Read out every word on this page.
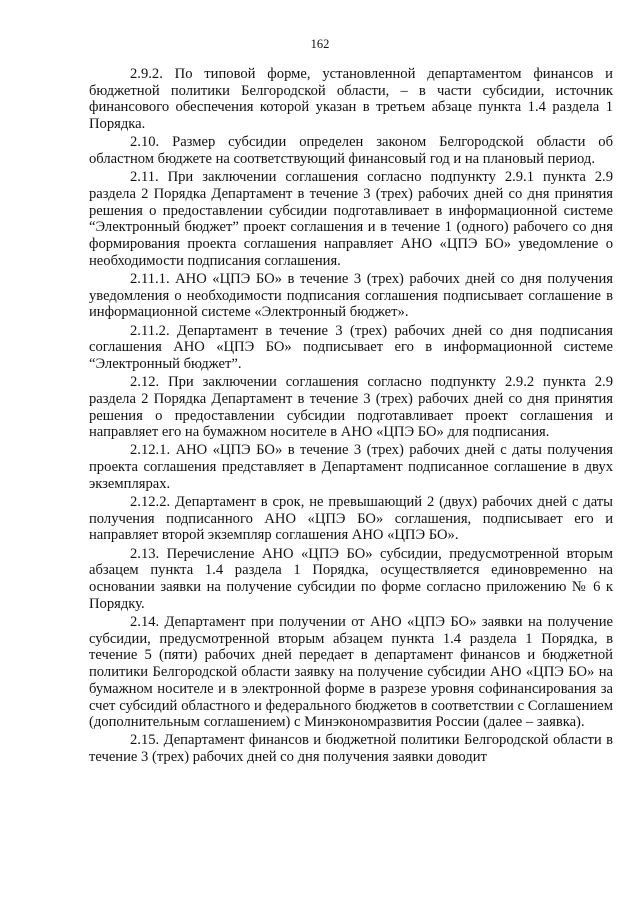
162

2.9.2. По типовой форме, установленной департаментом финансов и бюджетной политики Белгородской области, – в части субсидии, источник финансового обеспечения которой указан в третьем абзаце пункта 1.4 раздела 1 Порядка.

2.10. Размер субсидии определен законом Белгородской области об областном бюджете на соответствующий финансовый год и на плановый период.

2.11. При заключении соглашения согласно подпункту 2.9.1 пункта 2.9 раздела 2 Порядка Департамент в течение 3 (трех) рабочих дней со дня принятия решения о предоставлении субсидии подготавливает в информационной системе “Электронный бюджет” проект соглашения и в течение 1 (одного) рабочего со дня формирования проекта соглашения направляет АНО «ЦПЭ БО» уведомление о необходимости подписания соглашения.

2.11.1. АНО «ЦПЭ БО» в течение 3 (трех) рабочих дней со дня получения уведомления о необходимости подписания соглашения подписывает соглашение в информационной системе «Электронный бюджет».

2.11.2. Департамент в течение 3 (трех) рабочих дней со дня подписания соглашения АНО «ЦПЭ БО» подписывает его в информационной системе “Электронный бюджет”.

2.12. При заключении соглашения согласно подпункту 2.9.2 пункта 2.9 раздела 2 Порядка Департамент в течение 3 (трех) рабочих дней со дня принятия решения о предоставлении субсидии подготавливает проект соглашения и направляет его на бумажном носителе в АНО «ЦПЭ БО» для подписания.

2.12.1. АНО «ЦПЭ БО» в течение 3 (трех) рабочих дней с даты получения проекта соглашения представляет в Департамент подписанное соглашение в двух экземплярах.

2.12.2. Департамент в срок, не превышающий 2 (двух) рабочих дней с даты получения подписанного АНО «ЦПЭ БО» соглашения, подписывает его и направляет второй экземпляр соглашения АНО «ЦПЭ БО».

2.13. Перечисление АНО «ЦПЭ БО» субсидии, предусмотренной вторым абзацем пункта 1.4 раздела 1 Порядка, осуществляется единовременно на основании заявки на получение субсидии по форме согласно приложению № 6 к Порядку.

2.14. Департамент при получении от АНО «ЦПЭ БО» заявки на получение субсидии, предусмотренной вторым абзацем пункта 1.4 раздела 1 Порядка, в течение 5 (пяти) рабочих дней передает в департамент финансов и бюджетной политики Белгородской области заявку на получение субсидии АНО «ЦПЭ БО» на бумажном носителе и в электронной форме в разрезе уровня софинансирования за счет субсидий областного и федерального бюджетов в соответствии с Соглашением (дополнительным соглашением) с Минэкономразвития России (далее – заявка).

2.15. Департамент финансов и бюджетной политики Белгородской области в течение 3 (трех) рабочих дней со дня получения заявки доводит
